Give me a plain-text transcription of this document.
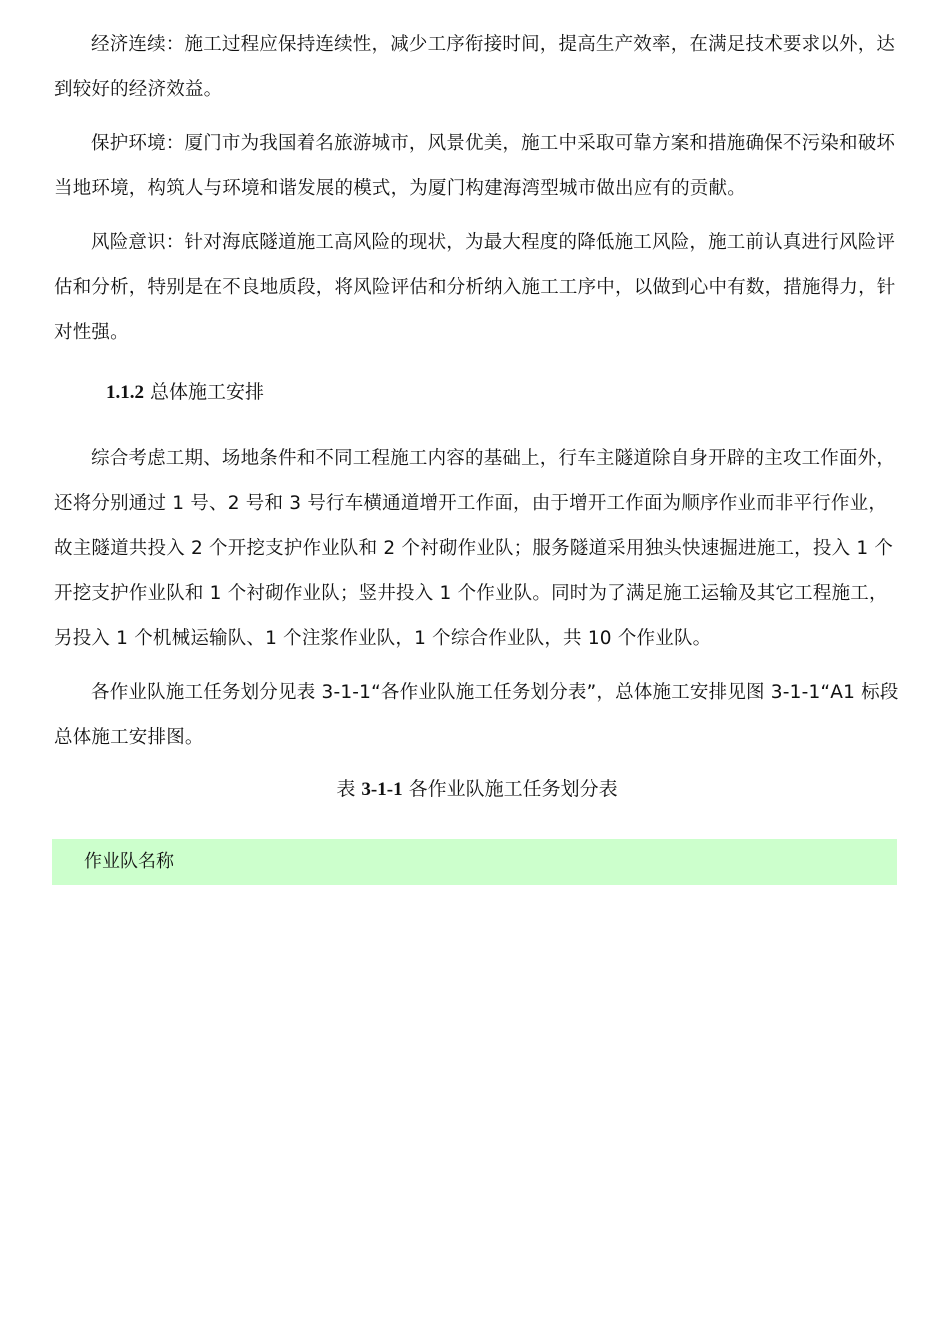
经济连续：施工过程应保持连续性，减少工序衔接时间，提高生产效率，在满足技术要求以外，达到较好的经济效益。

保护环境：厦门市为我国着名旅游城市，风景优美，施工中采取可靠方案和措施确保不污染和破坏当地环境，构筑人与环境和谐发展的模式，为厦门构建海湾型城市做出应有的贡献。

风险意识：针对海底隧道施工高风险的现状，为最大程度的降低施工风险，施工前认真进行风险评估和分析，特别是在不良地质段，将风险评估和分析纳入施工工序中，以做到心中有数，措施得力，针对性强。

1.1.2 总体施工安排

综合考虑工期、场地条件和不同工程施工内容的基础上，行车主隧道除自身开辟的主攻工作面外，还将分别通过 1 号、2 号和 3 号行车横通道增开工作面，由于增开工作面为顺序作业而非平行作业，故主隧道共投入 2 个开挖支护作业队和 2 个衬砌作业队；服务隧道采用独头快速掘进施工，投入 1 个开挖支护作业队和 1 个衬砌作业队；竖井投入 1 个作业队。同时为了满足施工运输及其它工程施工，另投入 1 个机械运输队、1 个注浆作业队，1 个综合作业队，共 10 个作业队。

各作业队施工任务划分见表 3-1-1“各作业队施工任务划分表”，总体施工安排见图 3-1-1“A1 标段总体施工安排图。

表 3-1-1 各作业队施工任务划分表
作业队名称
